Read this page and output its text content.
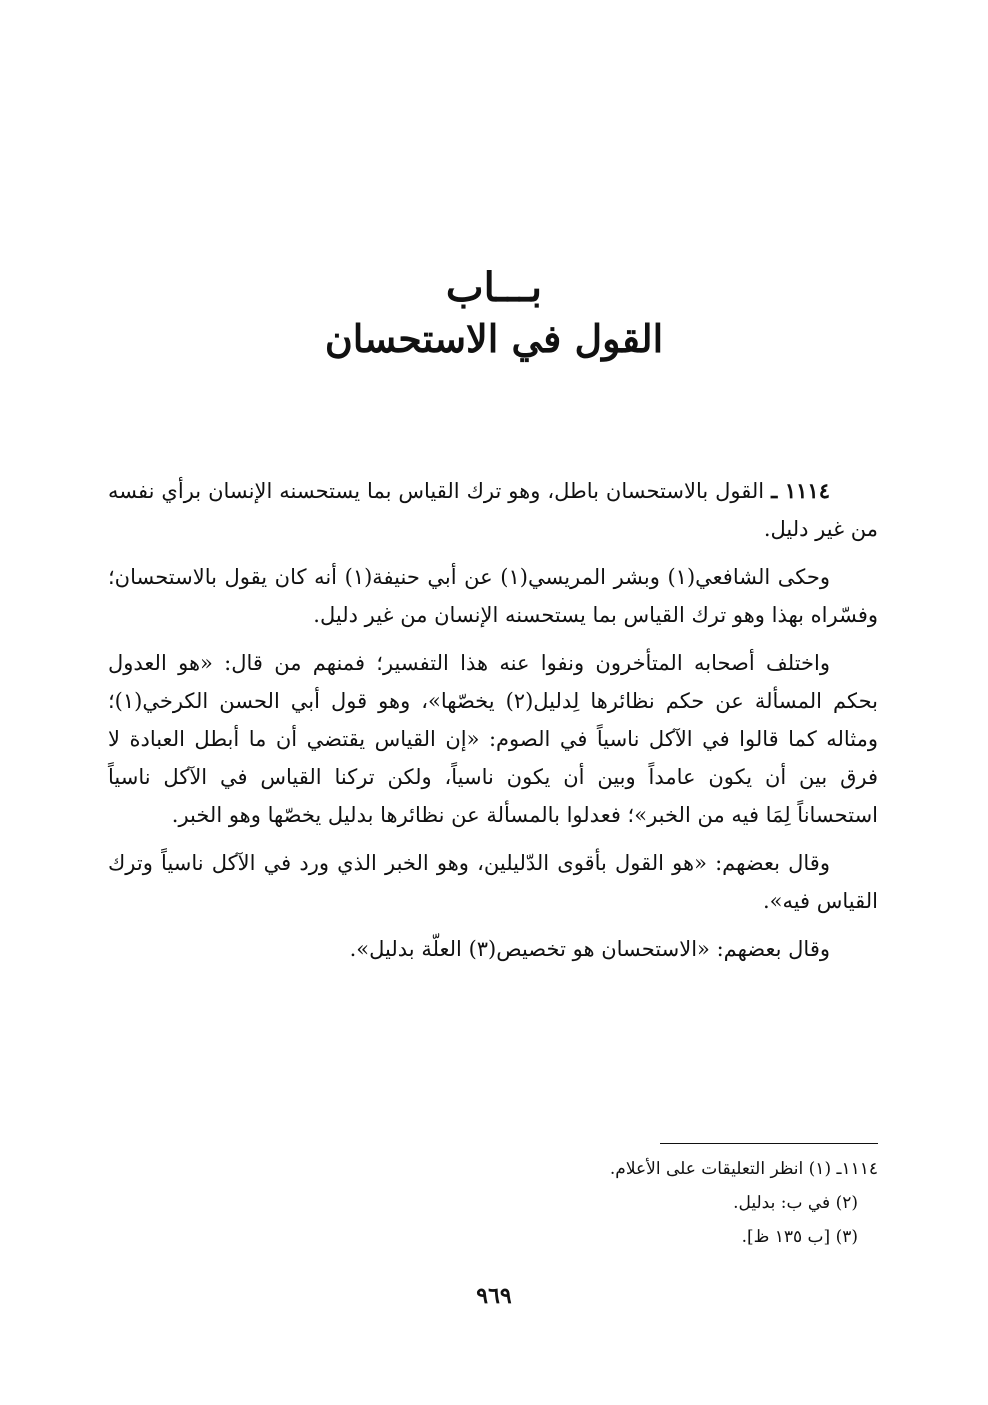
بـــاب
القول في الاستحسان

١١١٤ ـ القول بالاستحسان باطل، وهو ترك القياس بما يستحسنه الإنسان برأي نفسه من غير دليل.

وحكى الشافعي(١) وبشر المريسي(١) عن أبي حنيفة(١) أنه كان يقول بالاستحسان؛ وفسّراه بهذا وهو ترك القياس بما يستحسنه الإنسان من غير دليل.

واختلف أصحابه المتأخرون ونفوا عنه هذا التفسير؛ فمنهم من قال: «هو العدول بحكم المسألة عن حكم نظائرها لِدليل(٢) يخصّها»، وهو قول أبي الحسن الكرخي(١)؛ ومثاله كما قالوا في الآكل ناسياً في الصوم: «إن القياس يقتضي أن ما أبطل العبادة لا فرق بين أن يكون عامداً وبين أن يكون ناسياً، ولكن تركنا القياس في الآكل ناسياً استحساناً لِمَا فيه من الخبر»؛ فعدلوا بالمسألة عن نظائرها بدليل يخصّها وهو الخبر.

وقال بعضهم: «هو القول بأقوى الدّليلين، وهو الخبر الذي ورد في الآكل ناسياً وترك القياس فيه».

وقال بعضهم: «الاستحسان هو تخصيص(٣) العلّة بدليل».

١١١٤ـ (١) انظر التعليقات على الأعلام.
(٢) في ب: بدليل.
(٣) [ب ١٣٥ ظ].
٩٦٩
